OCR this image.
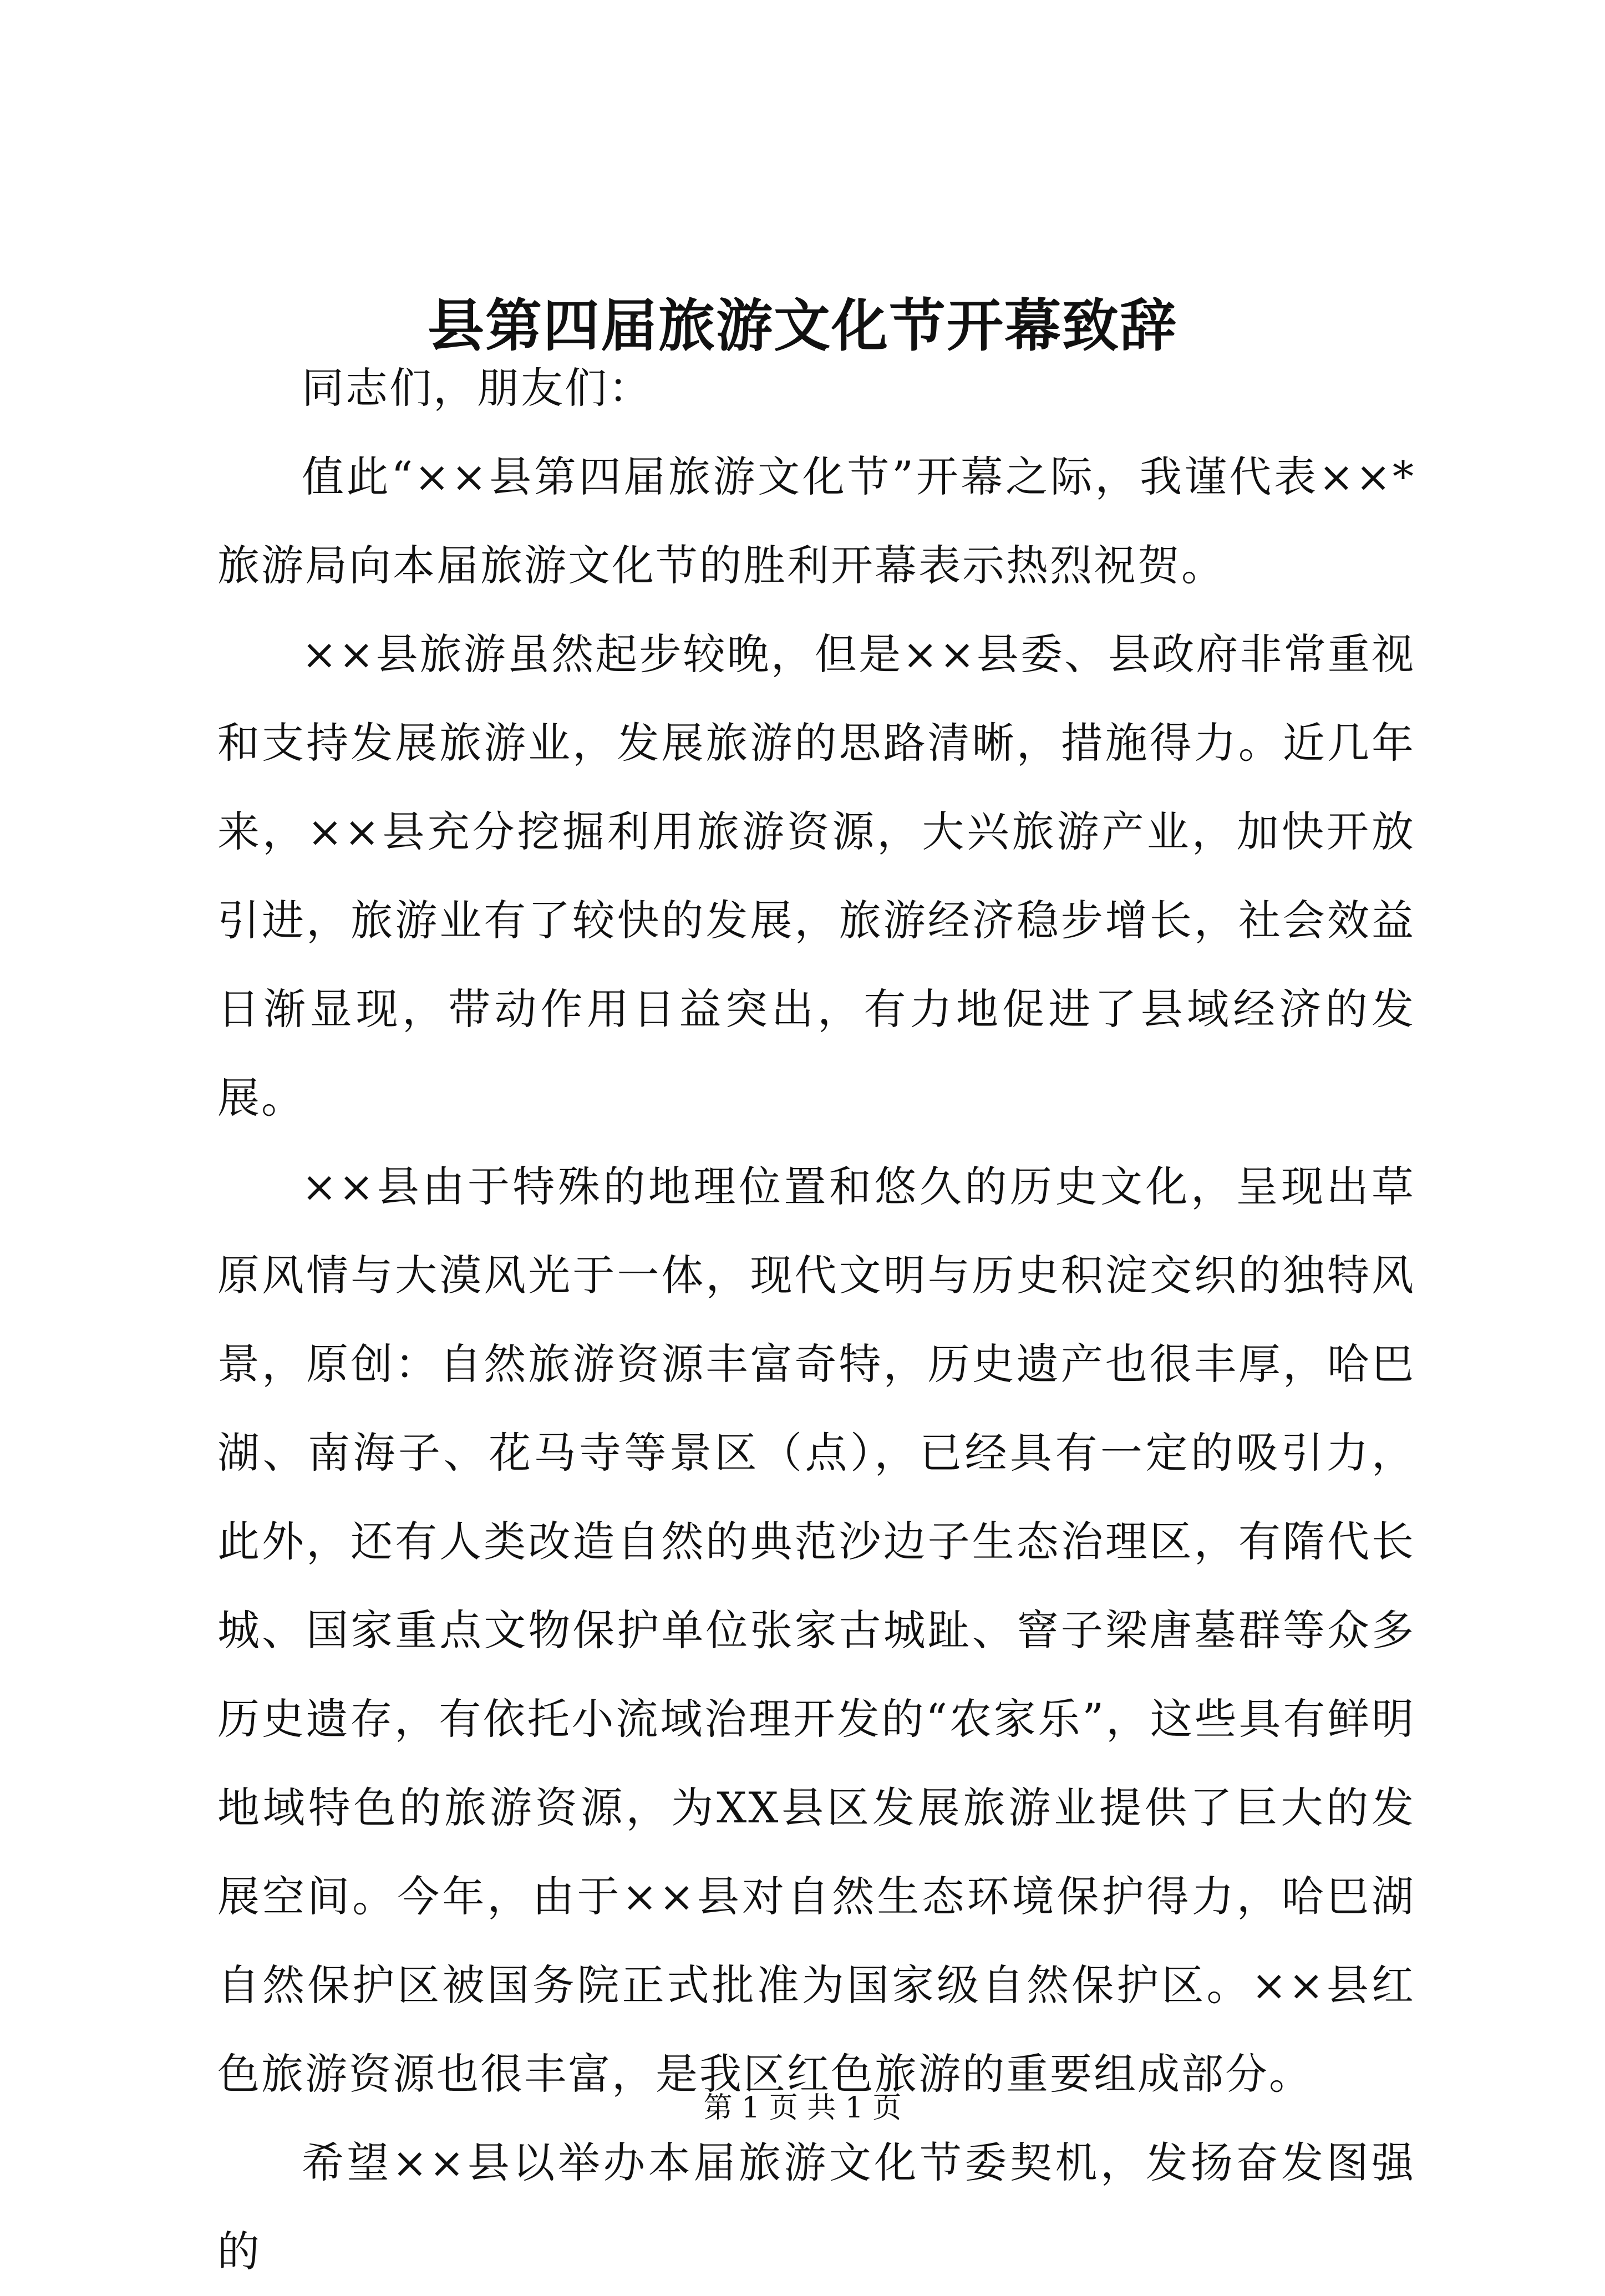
县第四届旅游文化节开幕致辞

同志们，朋友们：

值此“××县第四届旅游文化节”开幕之际，我谨代表××*旅游局向本届旅游文化节的胜利开幕表示热烈祝贺。

××县旅游虽然起步较晚，但是××县委、县政府非常重视和支持发展旅游业，发展旅游的思路清晰，措施得力。近几年来，××县充分挖掘利用旅游资源，大兴旅游产业，加快开放引进，旅游业有了较快的发展，旅游经济稳步增长，社会效益日渐显现，带动作用日益突出，有力地促进了县域经济的发展。

××县由于特殊的地理位置和悠久的历史文化，呈现出草原风情与大漠风光于一体，现代文明与历史积淀交织的独特风景，原创：自然旅游资源丰富奇特，历史遗产也很丰厚，哈巴湖、南海子、花马寺等景区（点），已经具有一定的吸引力，此外，还有人类改造自然的典范沙边子生态治理区，有隋代长城、国家重点文物保护单位张家古城趾、窨子梁唐墓群等众多历史遗存，有依托小流域治理开发的“农家乐”，这些具有鲜明地域特色的旅游资源，为XX县区发展旅游业提供了巨大的发展空间。今年，由于××县对自然生态环境保护得力，哈巴湖自然保护区被国务院正式批准为国家级自然保护区。××县红色旅游资源也很丰富，是我区红色旅游的重要组成部分。

希望××县以举办本届旅游文化节委契机，发扬奋发图强的

第 1 页 共 1 页
